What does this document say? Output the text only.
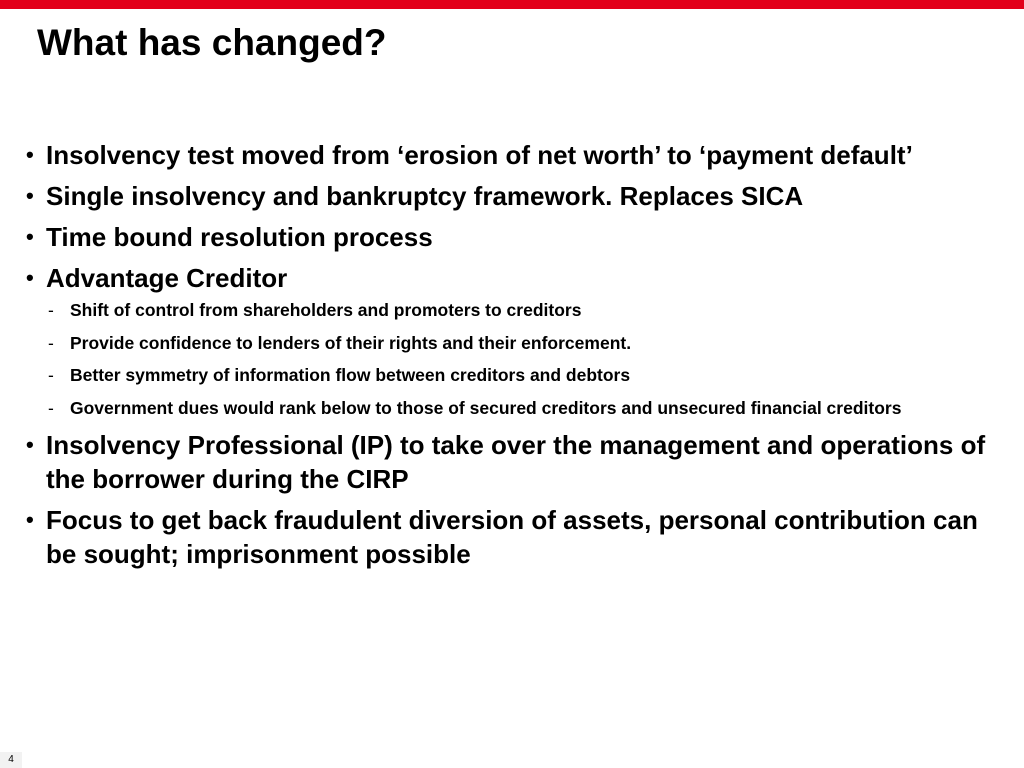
What has changed?
• Insolvency test moved from ‘erosion of net worth’ to ‘payment default’
• Single insolvency and bankruptcy framework. Replaces SICA
• Time bound resolution process
• Advantage Creditor
- Shift of control from shareholders and promoters to creditors
- Provide confidence to lenders of their rights and their enforcement.
- Better symmetry of information flow between creditors and debtors
- Government dues would rank below to those of secured creditors and unsecured financial creditors
• Insolvency Professional (IP) to take over the management and operations of the borrower during the CIRP
• Focus to get back fraudulent diversion of assets, personal contribution can be sought; imprisonment possible
4
